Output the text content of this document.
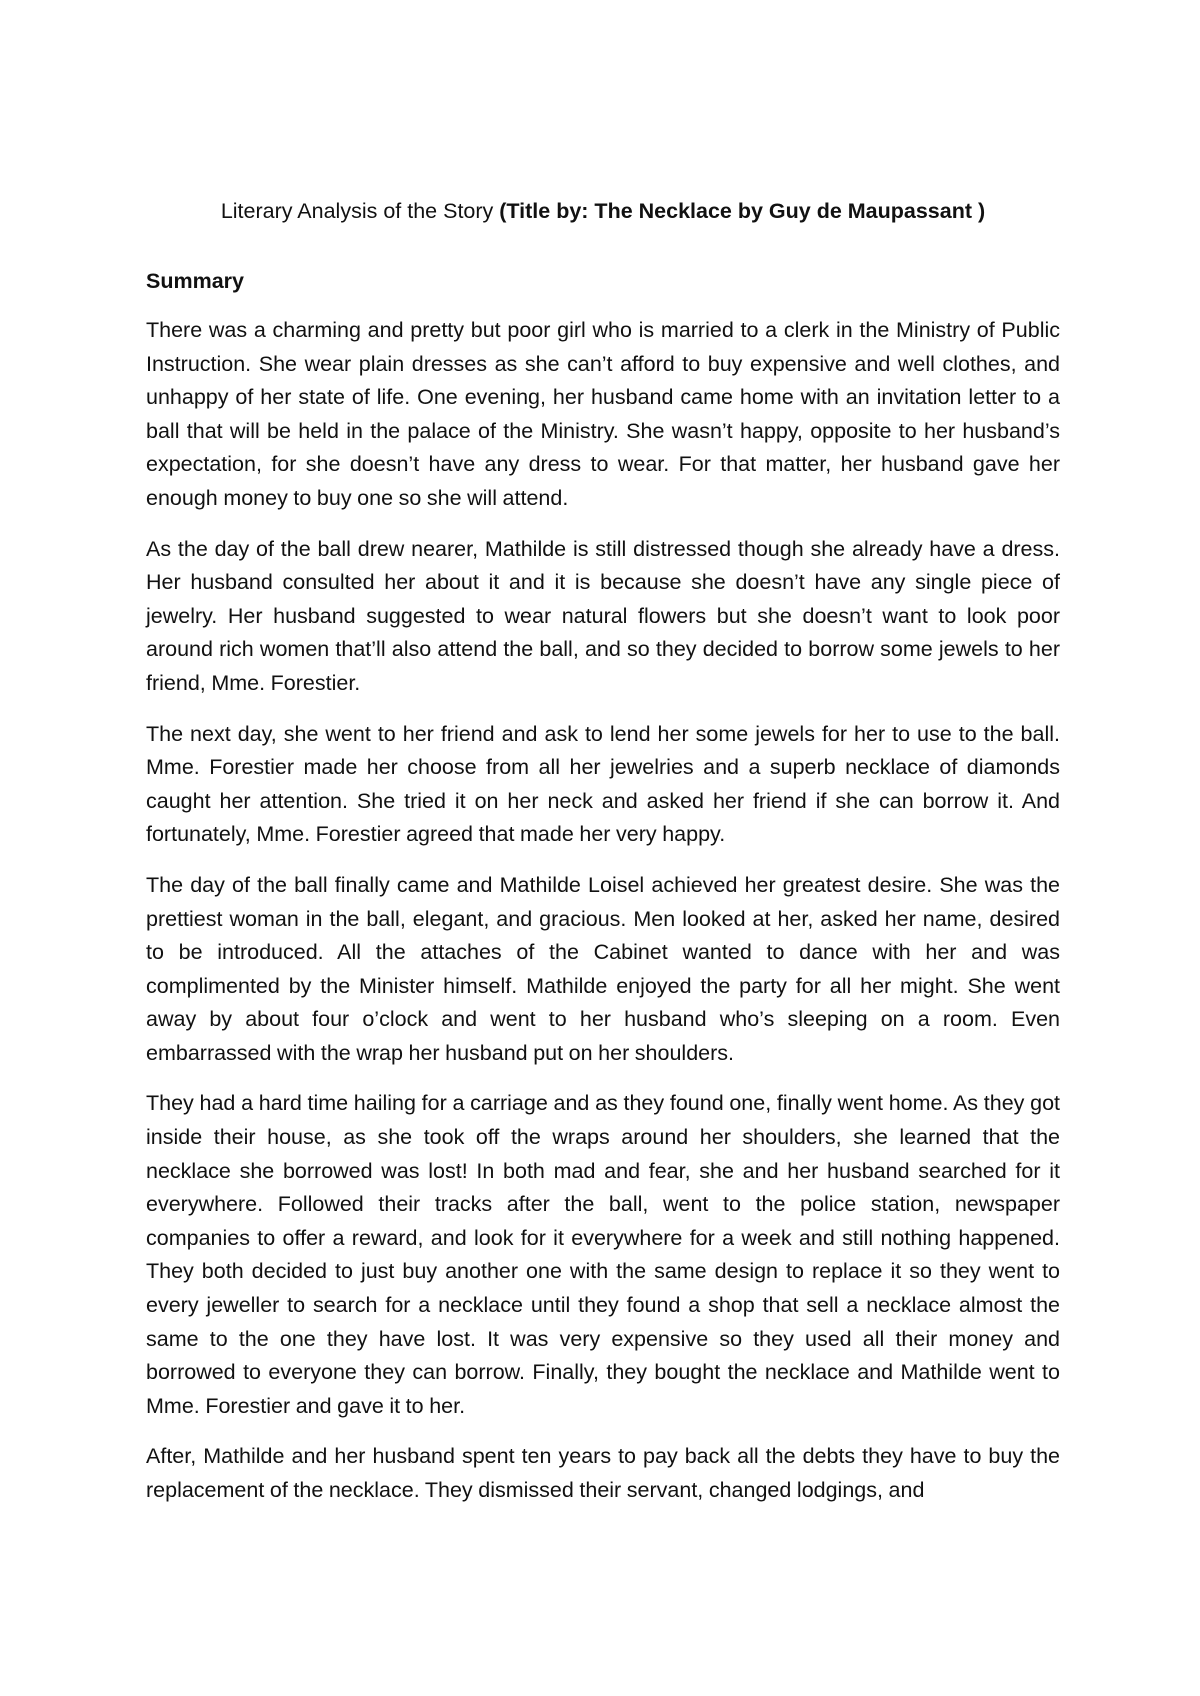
Literary Analysis of the Story (Title by: The Necklace by Guy de Maupassant )
Summary

There was a charming and pretty but poor girl who is married to a clerk in the Ministry of Public Instruction. She wear plain dresses as she can’t afford to buy expensive and well clothes, and unhappy of her state of life. One evening, her husband came home with an invitation letter to a ball that will be held in the palace of the Ministry. She wasn’t happy, opposite to her husband’s expectation, for she doesn’t have any dress to wear. For that matter, her husband gave her enough money to buy one so she will attend.

As the day of the ball drew nearer, Mathilde is still distressed though she already have a dress. Her husband consulted her about it and it is because she doesn’t have any single piece of jewelry. Her husband suggested to wear natural flowers but she doesn’t want to look poor around rich women that’ll also attend the ball, and so they decided to borrow some jewels to her friend, Mme. Forestier.

The next day, she went to her friend and ask to lend her some jewels for her to use to the ball. Mme. Forestier made her choose from all her jewelries and a superb necklace of diamonds caught her attention. She tried it on her neck and asked her friend if she can borrow it. And fortunately, Mme. Forestier agreed that made her very happy.

The day of the ball finally came and Mathilde Loisel achieved her greatest desire. She was the prettiest woman in the ball, elegant, and gracious. Men looked at her, asked her name, desired to be introduced. All the attaches of the Cabinet wanted to dance with her and was complimented by the Minister himself. Mathilde enjoyed the party for all her might. She went away by about four o’clock and went to her husband who’s sleeping on a room. Even embarrassed with the wrap her husband put on her shoulders.

They had a hard time hailing for a carriage and as they found one, finally went home. As they got inside their house, as she took off the wraps around her shoulders, she learned that the necklace she borrowed was lost! In both mad and fear, she and her husband searched for it everywhere. Followed their tracks after the ball, went to the police station, newspaper companies to offer a reward, and look for it everywhere for a week and still nothing happened. They both decided to just buy another one with the same design to replace it so they went to every jeweller to search for a necklace until they found a shop that sell a necklace almost the same to the one they have lost. It was very expensive so they used all their money and borrowed to everyone they can borrow. Finally, they bought the necklace and Mathilde went to Mme. Forestier and gave it to her.

After, Mathilde and her husband spent ten years to pay back all the debts they have to buy the replacement of the necklace. They dismissed their servant, changed lodgings, and
